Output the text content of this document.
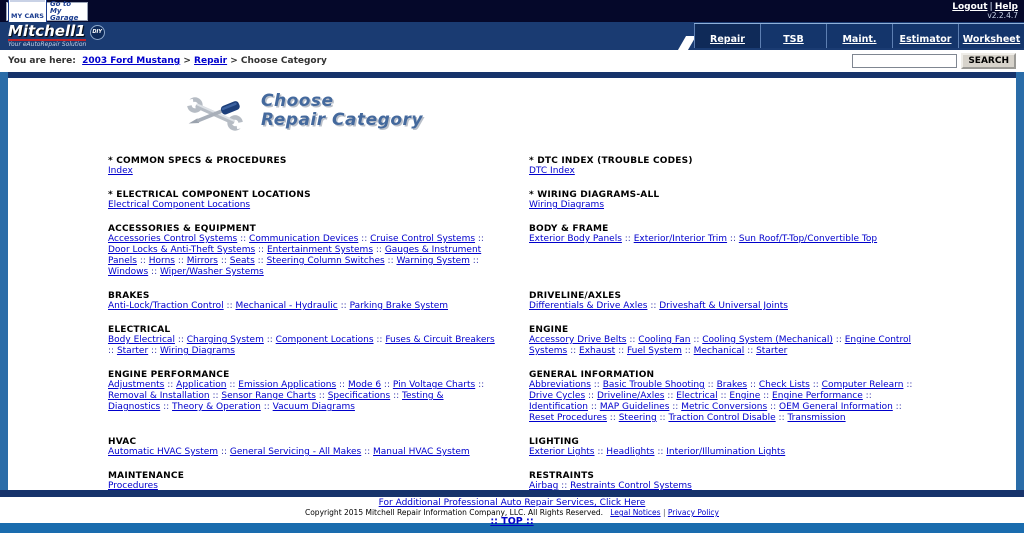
MY CARS
Go to My Garage
Logout | Help
v2.2.4.7
Mitchell1	DIY
Your eAutoRepair Solution	Repair	TSB	Maint.	Estimator	Worksheet
You are here: 2003 Ford Mustang > Repair > Choose Category	SEARCH
Choose
Repair Category
* COMMON SPECS & PROCEDURES
Index
* DTC INDEX (TROUBLE CODES)
DTC Index
* ELECTRICAL COMPONENT LOCATIONS
Electrical Component Locations
* WIRING DIAGRAMS-ALL
Wiring Diagrams
ACCESSORIES & EQUIPMENT
Accessories Control Systems :: Communication Devices :: Cruise Control Systems :: Door Locks & Anti-Theft Systems :: Entertainment Systems :: Gauges & Instrument Panels :: Horns :: Mirrors :: Seats :: Steering Column Switches :: Warning System :: Windows :: Wiper/Washer Systems
BODY & FRAME
Exterior Body Panels :: Exterior/Interior Trim :: Sun Roof/T-Top/Convertible Top
BRAKES
Anti-Lock/Traction Control :: Mechanical - Hydraulic :: Parking Brake System
DRIVELINE/AXLES
Differentials & Drive Axles :: Driveshaft & Universal Joints
ELECTRICAL
Body Electrical :: Charging System :: Component Locations :: Fuses & Circuit Breakers :: Starter :: Wiring Diagrams
ENGINE
Accessory Drive Belts :: Cooling Fan :: Cooling System (Mechanical) :: Engine Control Systems :: Exhaust :: Fuel System :: Mechanical :: Starter
ENGINE PERFORMANCE
Adjustments :: Application :: Emission Applications :: Mode 6 :: Pin Voltage Charts :: Removal & Installation :: Sensor Range Charts :: Specifications :: Testing & Diagnostics :: Theory & Operation :: Vacuum Diagrams
GENERAL INFORMATION
Abbreviations :: Basic Trouble Shooting :: Brakes :: Check Lists :: Computer Relearn :: Drive Cycles :: Driveline/Axles :: Electrical :: Engine :: Engine Performance :: Identification :: MAP Guidelines :: Metric Conversions :: OEM General Information :: Reset Procedures :: Steering :: Traction Control Disable :: Transmission
HVAC
Automatic HVAC System :: General Servicing - All Makes :: Manual HVAC System
LIGHTING
Exterior Lights :: Headlights :: Interior/Illumination Lights
MAINTENANCE
Procedures
RESTRAINTS
Airbag :: Restraints Control Systems
For Additional Professional Auto Repair Services, Click Here
Copyright 2015 Mitchell Repair Information Company, LLC. All Rights Reserved. Legal Notices | Privacy Policy
:: TOP ::
